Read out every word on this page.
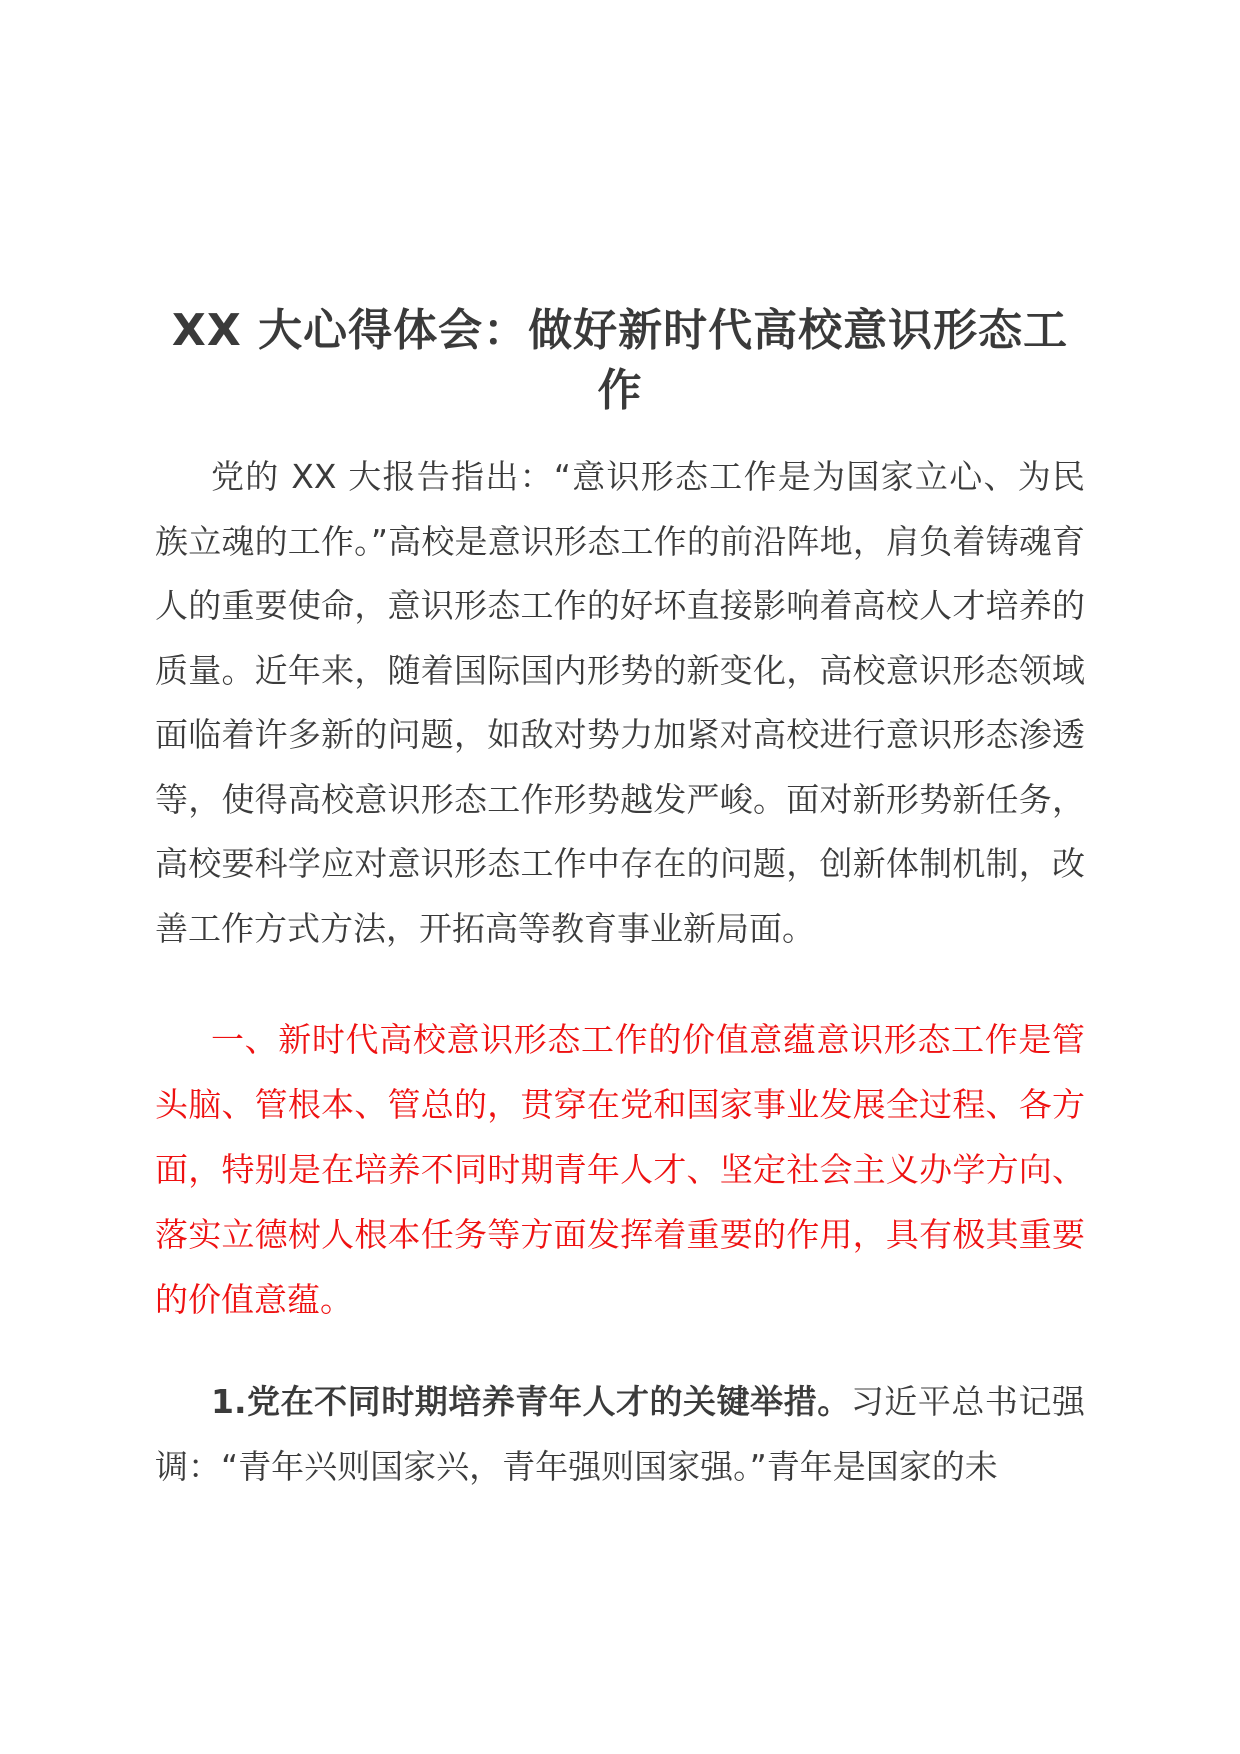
XX 大心得体会：做好新时代高校意识形态工作

党的 XX 大报告指出：“意识形态工作是为国家立心、为民族立魂的工作。”高校是意识形态工作的前沿阵地，肩负着铸魂育人的重要使命，意识形态工作的好坏直接影响着高校人才培养的质量。近年来，随着国际国内形势的新变化，高校意识形态领域面临着许多新的问题，如敌对势力加紧对高校进行意识形态渗透等，使得高校意识形态工作形势越发严峻。面对新形势新任务，高校要科学应对意识形态工作中存在的问题，创新体制机制，改善工作方式方法，开拓高等教育事业新局面。

一、新时代高校意识形态工作的价值意蕴意识形态工作是管头脑、管根本、管总的，贯穿在党和国家事业发展全过程、各方面，特别是在培养不同时期青年人才、坚定社会主义办学方向、落实立德树人根本任务等方面发挥着重要的作用，具有极其重要的价值意蕴。

1.党在不同时期培养青年人才的关键举措。习近平总书记强调：“青年兴则国家兴，青年强则国家强。”青年是国家的未
